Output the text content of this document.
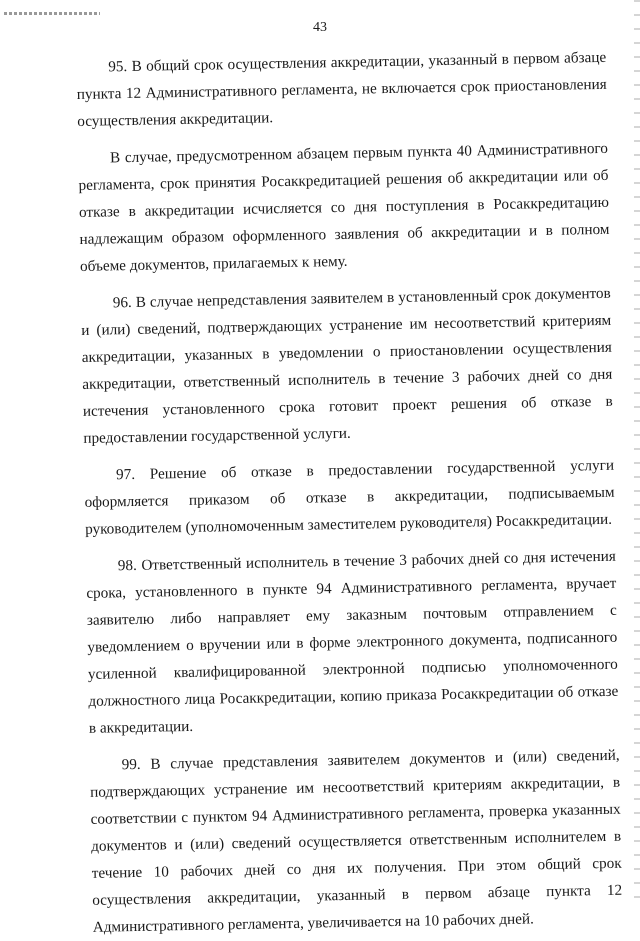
43

95. В общий срок осуществления аккредитации, указанный в первом абзаце пункта 12 Административного регламента, не включается срок приостановления осуществления аккредитации.

В случае, предусмотренном абзацем первым пункта 40 Административного регламента, срок принятия Росаккредитацией решения об аккредитации или об отказе в аккредитации исчисляется со дня поступления в Росаккредитацию надлежащим образом оформленного заявления об аккредитации и в полном объеме документов, прилагаемых к нему.

96. В случае непредставления заявителем в установленный срок документов и (или) сведений, подтверждающих устранение им несоответствий критериям аккредитации, указанных в уведомлении о приостановлении осуществления аккредитации, ответственный исполнитель в течение 3 рабочих дней со дня истечения установленного срока готовит проект решения об отказе в предоставлении государственной услуги.

97. Решение об отказе в предоставлении государственной услуги оформляется приказом об отказе в аккредитации, подписываемым руководителем (уполномоченным заместителем руководителя) Росаккредитации.

98. Ответственный исполнитель в течение 3 рабочих дней со дня истечения срока, установленного в пункте 94 Административного регламента, вручает заявителю либо направляет ему заказным почтовым отправлением с уведомлением о вручении или в форме электронного документа, подписанного усиленной квалифицированной электронной подписью уполномоченного должностного лица Росаккредитации, копию приказа Росаккредитации об отказе в аккредитации.

99. В случае представления заявителем документов и (или) сведений, подтверждающих устранение им несоответствий критериям аккредитации, в соответствии с пунктом 94 Административного регламента, проверка указанных документов и (или) сведений осуществляется ответственным исполнителем в течение 10 рабочих дней со дня их получения. При этом общий срок осуществления аккредитации, указанный в первом абзаце пункта 12 Административного регламента, увеличивается на 10 рабочих дней.
